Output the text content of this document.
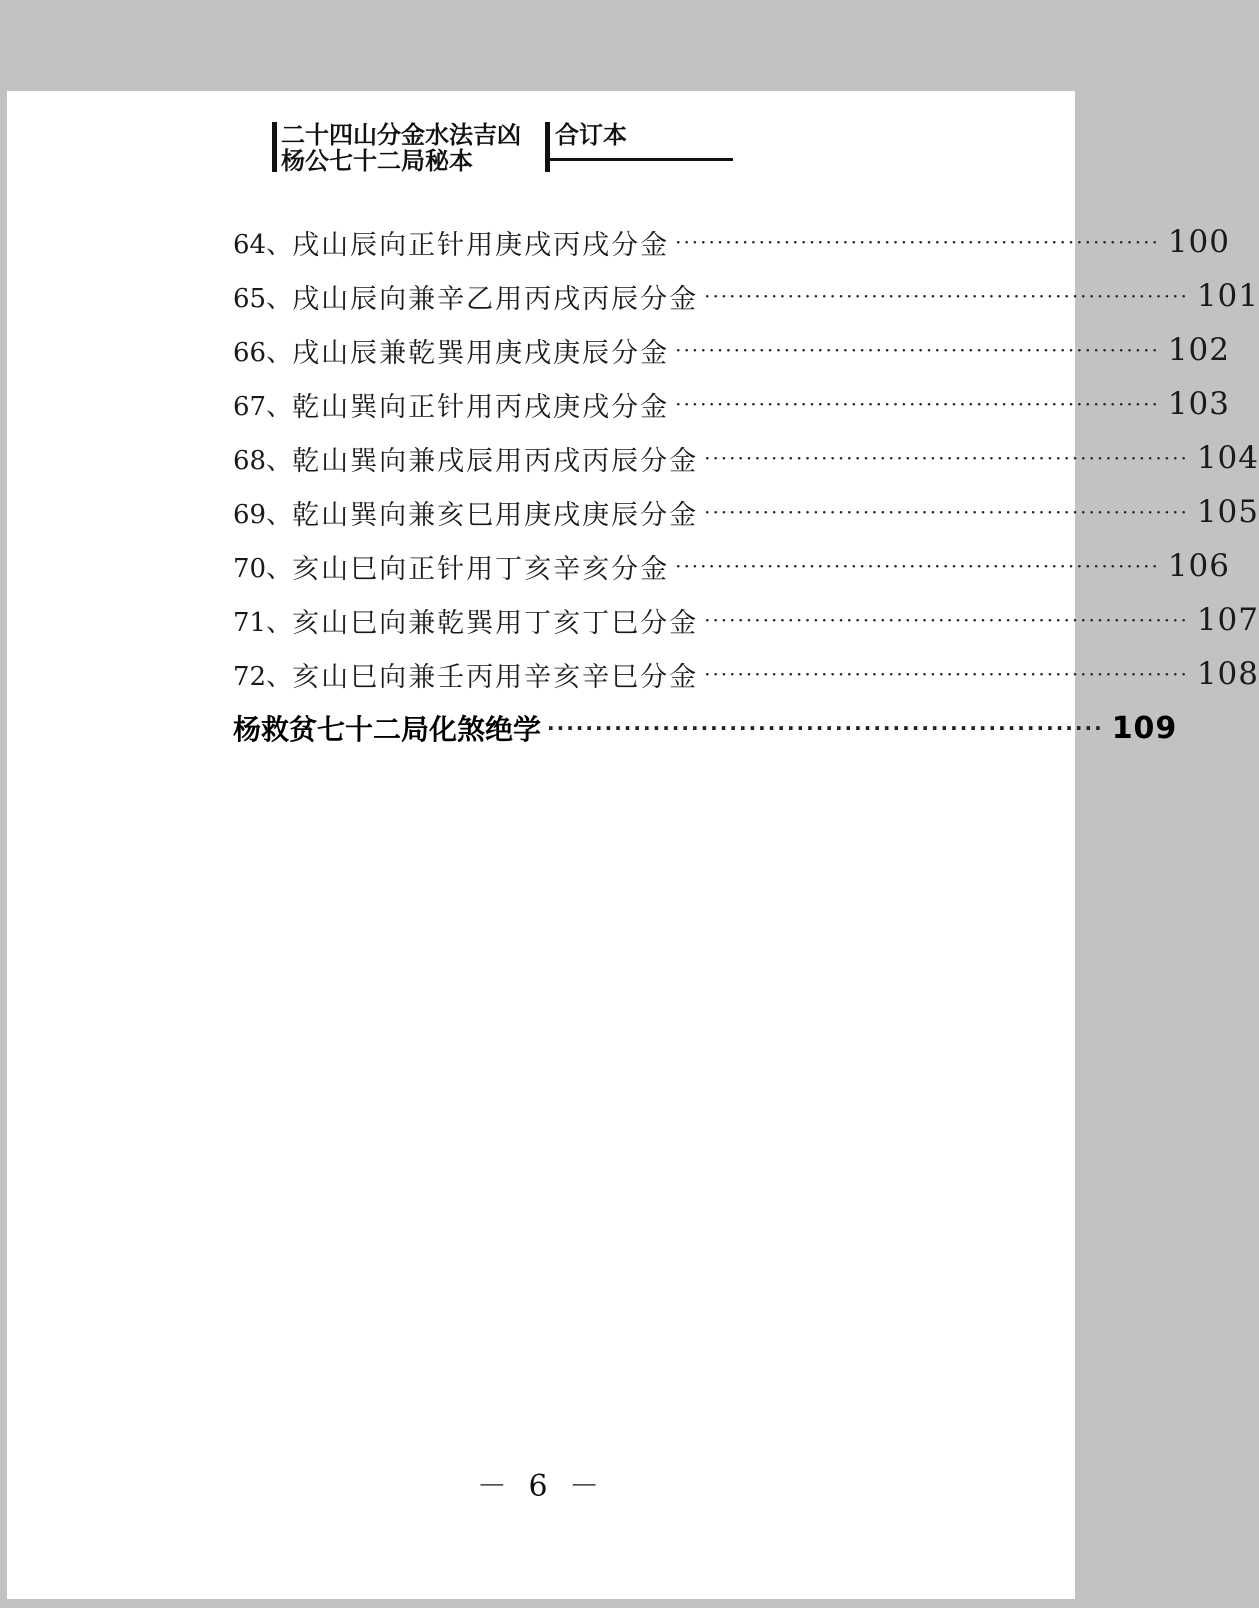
二十四山分金水法吉凶
杨公七十二局秘本
合订本
64、 戌山辰向正针用庚戌丙戌分金 ·························································· 100
65、 戌山辰向兼辛乙用丙戌丙辰分金 ·························································· 101
66、 戌山辰兼乾巽用庚戌庚辰分金 ·························································· 102
67、 乾山巽向正针用丙戌庚戌分金 ·························································· 103
68、 乾山巽向兼戌辰用丙戌丙辰分金 ·························································· 104
69、 乾山巽向兼亥巳用庚戌庚辰分金 ·························································· 105
70、 亥山巳向正针用丁亥辛亥分金 ·························································· 106
71、 亥山巳向兼乾巽用丁亥丁巳分金 ·························································· 107
72、 亥山巳向兼壬丙用辛亥辛巳分金 ·························································· 108
杨救贫七十二局化煞绝学 ·························································· 109
－ 6 －
